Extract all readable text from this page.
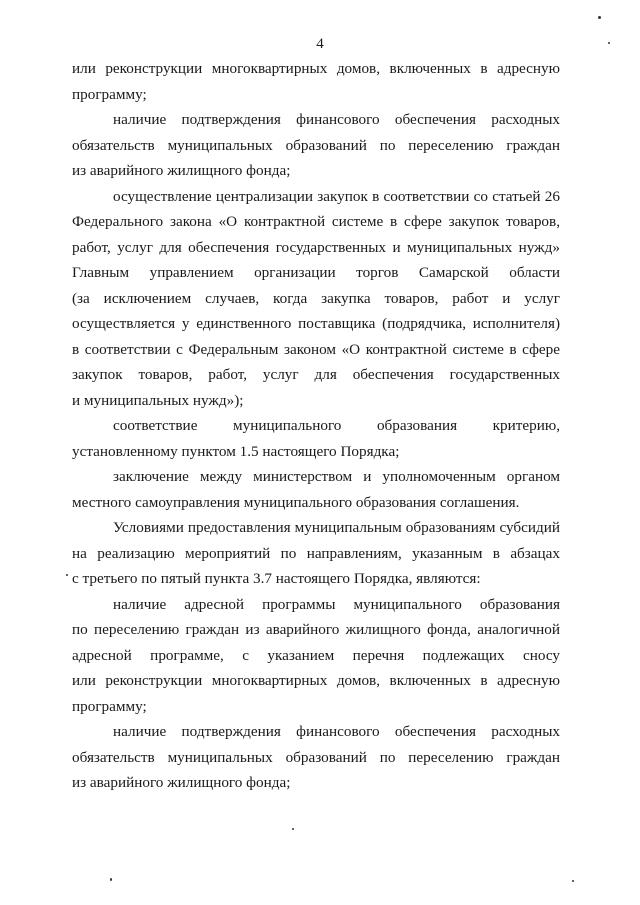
4
или реконструкции многоквартирных домов, включенных в адресную
программу;
наличие подтверждения финансового обеспечения расходных
обязательств муниципальных образований по переселению граждан
из аварийного жилищного фонда;
осуществление централизации закупок в соответствии со статьей 26
Федерального закона «О контрактной системе в сфере закупок товаров,
работ, услуг для обеспечения государственных и муниципальных нужд»
Главным управлением организации торгов Самарской области
(за исключением случаев, когда закупка товаров, работ и услуг
осуществляется у единственного поставщика (подрядчика, исполнителя)
в соответствии с Федеральным законом «О контрактной системе в сфере
закупок товаров, работ, услуг для обеспечения государственных
и муниципальных нужд»);
соответствие муниципального образования критерию,
установленному пунктом 1.5 настоящего Порядка;
заключение между министерством и уполномоченным органом
местного самоуправления муниципального образования соглашения.
Условиями предоставления муниципальным образованиям субсидий
на реализацию мероприятий по направлениям, указанным в абзацах
с третьего по пятый пункта 3.7 настоящего Порядка, являются:
наличие адресной программы муниципального образования
по переселению граждан из аварийного жилищного фонда, аналогичной
адресной программе, с указанием перечня подлежащих сносу
или реконструкции многоквартирных домов, включенных в адресную
программу;
наличие подтверждения финансового обеспечения расходных
обязательств муниципальных образований по переселению граждан
из аварийного жилищного фонда;
